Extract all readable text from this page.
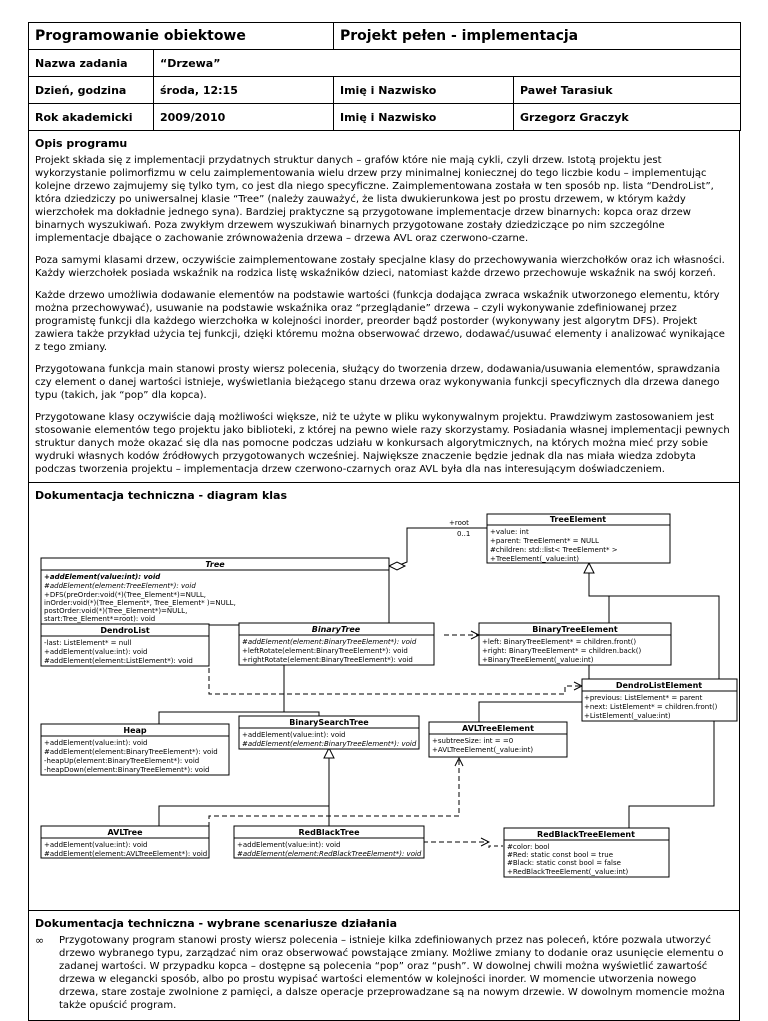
Programowanie obiektowe		Projekt pełen - implementacja	
Nazwa zadania	“Drzewa”		
Dzień, godzina	środa, 12:15	Imię i Nazwisko	Paweł Tarasiuk
Rok akademicki	2009/2010	Imię i Nazwisko	Grzegorz Graczyk
Opis programu

Projekt składa się z implementacji przydatnych struktur danych – grafów które nie mają cykli, czyli drzew. Istotą projektu jest wykorzystanie polimorfizmu w celu zaimplementowania wielu drzew przy minimalnej koniecznej do tego liczbie kodu – implementując kolejne drzewo zajmujemy się tylko tym, co jest dla niego specyficzne. Zaimplementowana została w ten sposób np. lista “DendroList”, która dziedziczy po uniwersalnej klasie “Tree” (należy zauważyć, że lista dwukierunkowa jest po prostu drzewem, w którym każdy wierzchołek ma dokładnie jednego syna). Bardziej praktyczne są przygotowane implementacje drzew binarnych: kopca oraz drzew binarnych wyszukiwań. Poza zwykłym drzewem wyszukiwań binarnych przygotowane zostały dziedziczące po nim szczególne implementacje dbające o zachowanie zrównoważenia drzewa – drzewa AVL oraz czerwono-czarne.

Poza samymi klasami drzew, oczywiście zaimplementowane zostały specjalne klasy do przechowywania wierzchołków oraz ich własności. Każdy wierzchołek posiada wskaźnik na rodzica listę wskaźników dzieci, natomiast każde drzewo przechowuje wskaźnik na swój korzeń.

Każde drzewo umożliwia dodawanie elementów na podstawie wartości (funkcja dodająca zwraca wskaźnik utworzonego elementu, który można przechowywać), usuwanie na podstawie wskaźnika oraz “przeglądanie” drzewa – czyli wykonywanie zdefiniowanej przez programistę funkcji dla każdego wierzchołka w kolejności inorder, preorder bądź postorder (wykonywany jest algorytm DFS). Projekt zawiera także przykład użycia tej funkcji, dzięki któremu można obserwować drzewo, dodawać/usuwać elementy i analizować wynikające z tego zmiany.

Przygotowana funkcja main stanowi prosty wiersz polecenia, służący do tworzenia drzew, dodawania/usuwania elementów, sprawdzania czy element o danej wartości istnieje, wyświetlania bieżącego stanu drzewa oraz wykonywania funkcji specyficznych dla drzewa danego typu (takich, jak “pop” dla kopca).

Przygotowane klasy oczywiście dają możliwości większe, niż te użyte w pliku wykonywalnym projektu. Prawdziwym zastosowaniem jest stosowanie elementów tego projektu jako biblioteki, z której na pewno wiele razy skorzystamy. Posiadania własnej implementacji pewnych struktur danych może okazać się dla nas pomocne podczas udziału w konkursach algorytmicznych, na których można mieć przy sobie wydruki własnych kodów źródłowych przygotowanych wcześniej. Największe znaczenie będzie jednak dla nas miała wiedza zdobyta podczas tworzenia projektu – implementacja drzew czerwono-czarnych oraz AVL była dla nas interesującym doświadczeniem.

Dokumentacja techniczna - diagram klas
+root
0..1
TreeElement
+value: int
+parent: TreeElement* = NULL
#children: std::list< TreeElement* >
+TreeElement(_value:int)
Tree
+addElement(value:int): void
#addElement(element:TreeElement*): void
+DFS(preOrder:void(*)(Tree_Element*)=NULL,
inOrder:void(*)(Tree_Element*, Tree_Element* )=NULL,
postOrder:void(*)(Tree_Element*)=NULL,
start:Tree_Element*=root): void
DendroList
-last: ListElement* = null
+addElement(value:int): void
#addElement(element:ListElement*): void
BinaryTree
#addElement(element:BinaryTreeElement*): void
+leftRotate(element:BinaryTreeElement*): void
+rightRotate(element:BinaryTreeElement*): void
BinaryTreeElement
+left: BinaryTreeElement* = children.front()
+right: BinaryTreeElement* = children.back()
+BinaryTreeElement(_value:int)
DendroListElement
+previous: ListElement* = parent
+next: ListElement* = children.front()
+ListElement(_value:int)
Heap
+addElement(value:int): void
#addElement(element:BinaryTreeElement*): void
-heapUp(element:BinaryTreeElement*): void
-heapDown(element:BinaryTreeElement*): void
BinarySearchTree
+addElement(value:int): void
#addElement(element:BinaryTreeElement*): void
AVLTreeElement
+subtreeSize: int = =0
+AVLTreeElement(_value:int)
AVLTree
+addElement(value:int): void
#addElement(element:AVLTreeElement*): void
RedBlackTree
+addElement(value:int): void
#addElement(element:RedBlackTreeElement*): void
RedBlackTreeElement
#color: bool
#Red: static const bool = true
#Black: static const bool = false
+RedBlackTreeElement(_value:int)
Dokumentacja techniczna - wybrane scenariusze działania
∞	Przygotowany program stanowi prosty wiersz polecenia – istnieje kilka zdefiniowanych przez nas poleceń, które pozwala utworzyć drzewo wybranego typu, zarządzać nim oraz obserwować powstające zmiany. Możliwe zmiany to dodanie oraz usunięcie elementu o zadanej wartości. W przypadku kopca – dostępne są polecenia “pop” oraz “push”. W dowolnej chwili można wyświetlić zawartość drzewa w elegancki sposób, albo po prostu wypisać wartości elementów w kolejności inorder. W momencie utworzenia nowego drzewa, stare zostaje zwolnione z pamięci, a dalsze operacje przeprowadzane są na nowym drzewie. W dowolnym momencie można także opuścić program.
